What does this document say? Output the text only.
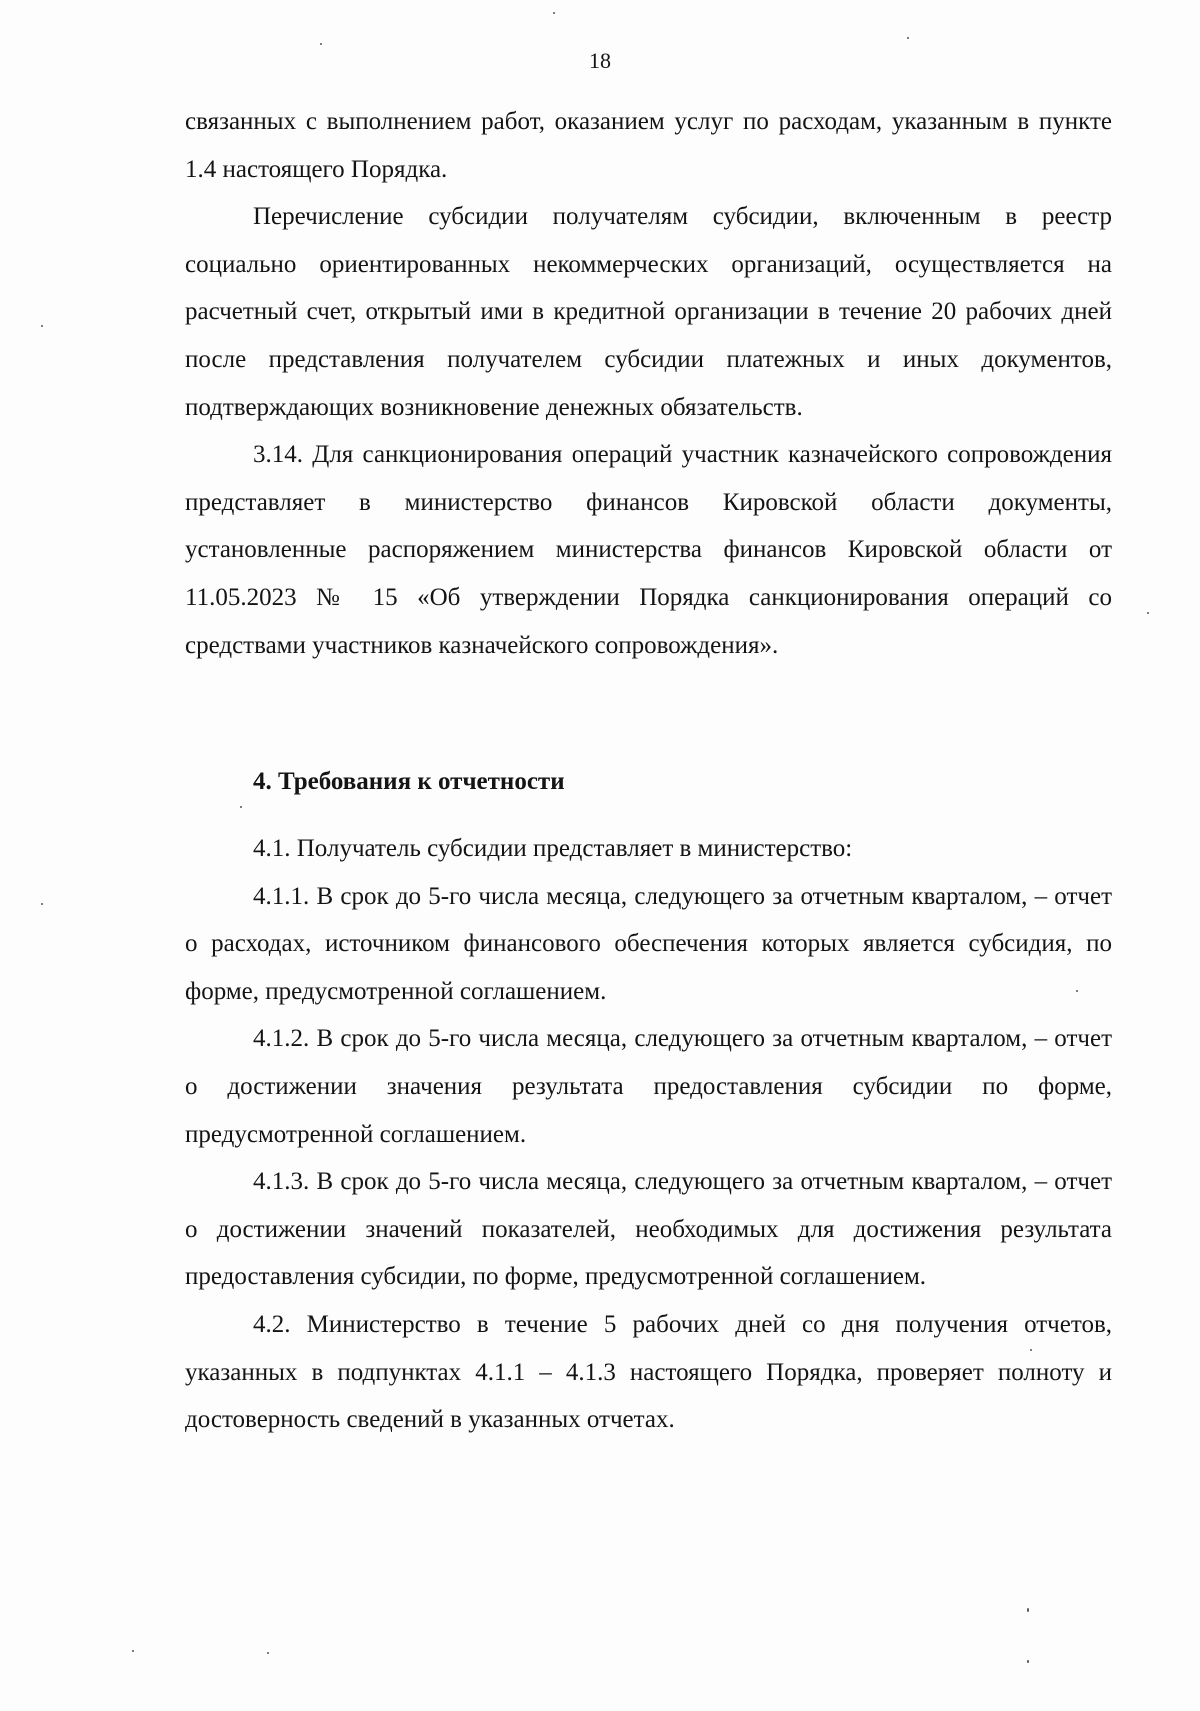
18

связанных с выполнением работ, оказанием услуг по расходам, указанным в пункте 1.4 настоящего Порядка.

Перечисление субсидии получателям субсидии, включенным в реестр социально ориентированных некоммерческих организаций, осуществляется на расчетный счет, открытый ими в кредитной организации в течение 20 рабочих дней после представления получателем субсидии платежных и иных документов, подтверждающих возникновение денежных обязательств.

3.14. Для санкционирования операций участник казначейского сопровождения представляет в министерство финансов Кировской области документы, установленные распоряжением министерства финансов Кировской области от 11.05.2023 № 15 «Об утверждении Порядка санкционирования операций со средствами участников казначейского сопровождения».

4. Требования к отчетности

4.1. Получатель субсидии представляет в министерство:

4.1.1. В срок до 5-го числа месяца, следующего за отчетным кварталом, – отчет о расходах, источником финансового обеспечения которых является субсидия, по форме, предусмотренной соглашением.

4.1.2. В срок до 5-го числа месяца, следующего за отчетным кварталом, – отчет о достижении значения результата предоставления субсидии по форме, предусмотренной соглашением.

4.1.3. В срок до 5-го числа месяца, следующего за отчетным кварталом, – отчет о достижении значений показателей, необходимых для достижения результата предоставления субсидии, по форме, предусмотренной соглашением.

4.2. Министерство в течение 5 рабочих дней со дня получения отчетов, указанных в подпунктах 4.1.1 – 4.1.3 настоящего Порядка, проверяет полноту и достоверность сведений в указанных отчетах.
